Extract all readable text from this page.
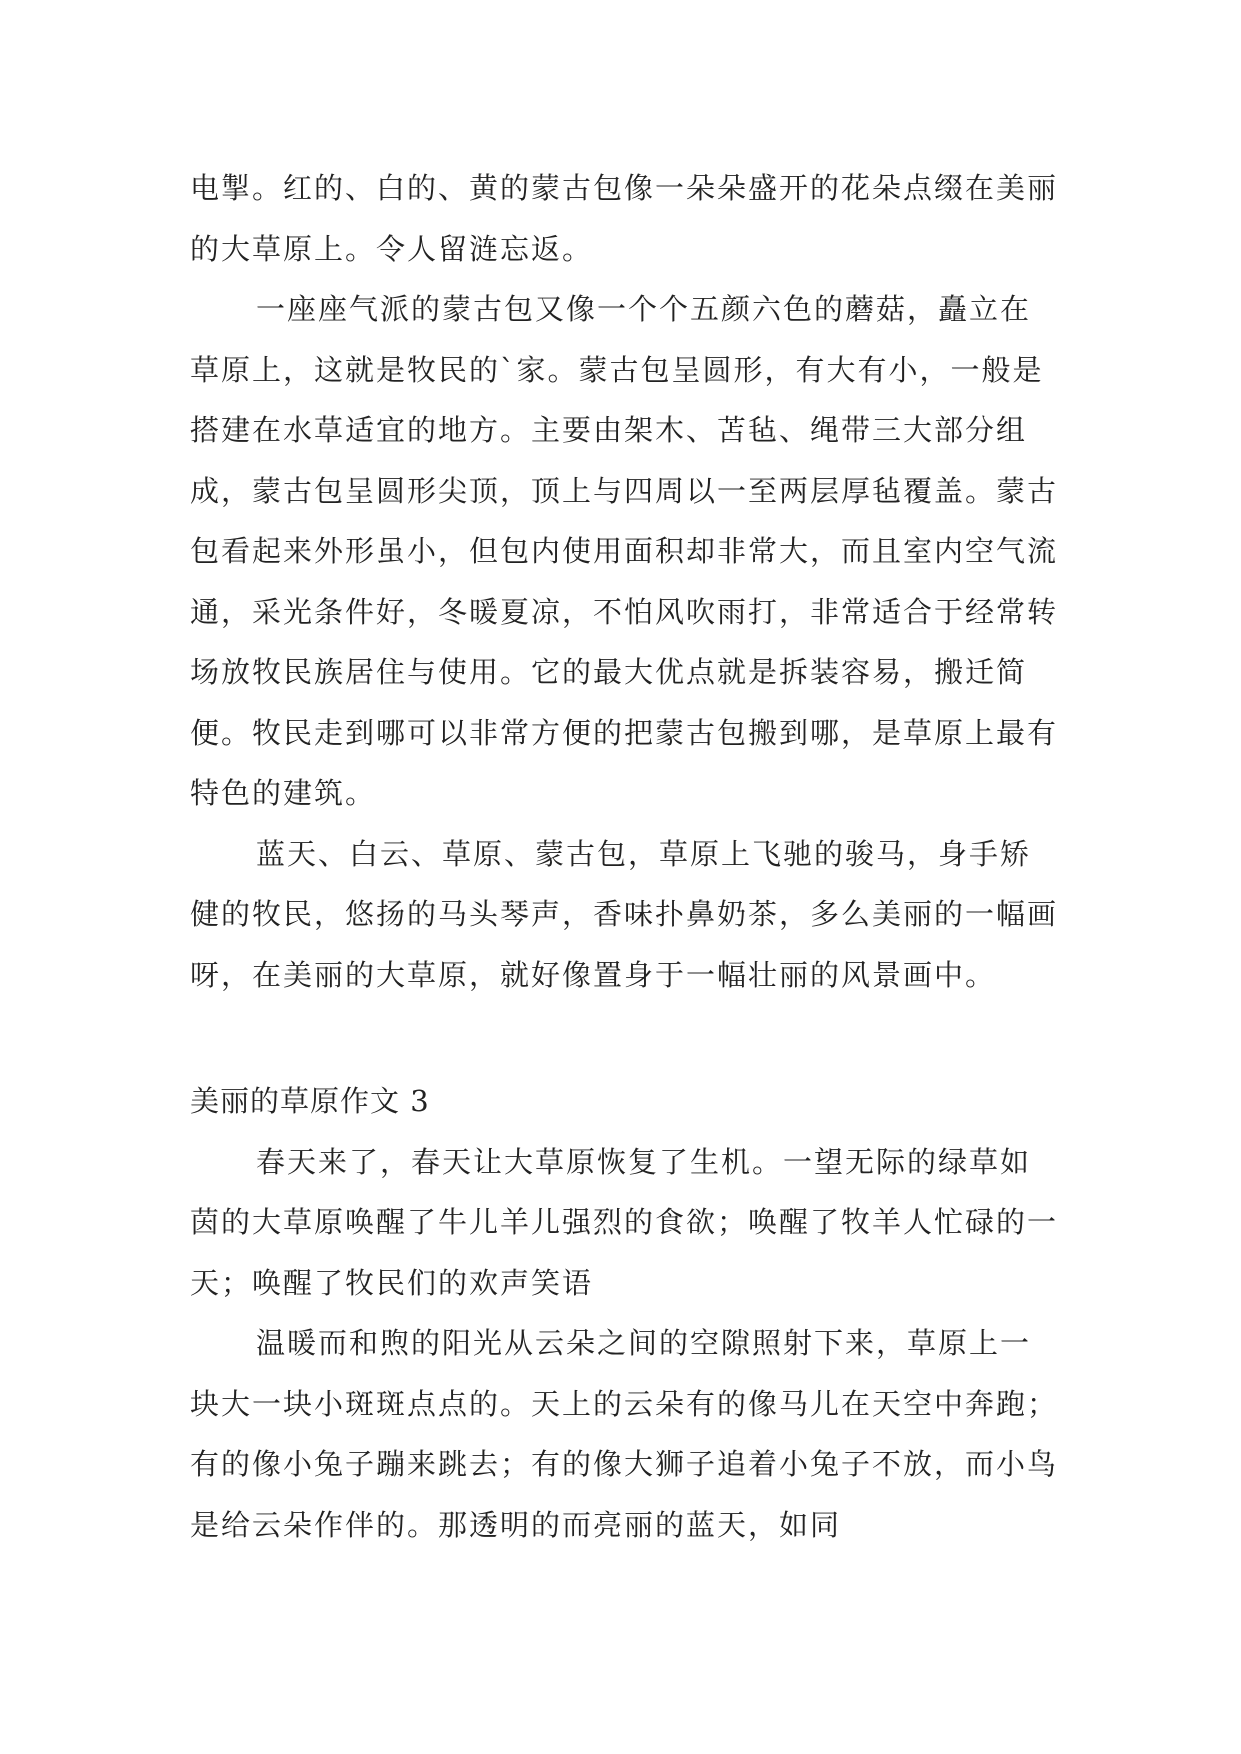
电掣。红的、白的、黄的蒙古包像一朵朵盛开的花朵点缀在美丽的大草原上。令人留涟忘返。

一座座气派的蒙古包又像一个个五颜六色的蘑菇，矗立在草原上，这就是牧民的`家。蒙古包呈圆形，有大有小，一般是搭建在水草适宜的地方。主要由架木、苫毡、绳带三大部分组成，蒙古包呈圆形尖顶，顶上与四周以一至两层厚毡覆盖。蒙古包看起来外形虽小，但包内使用面积却非常大，而且室内空气流通，采光条件好，冬暖夏凉，不怕风吹雨打，非常适合于经常转场放牧民族居住与使用。它的最大优点就是拆装容易，搬迁简便。牧民走到哪可以非常方便的把蒙古包搬到哪，是草原上最有特色的建筑。

蓝天、白云、草原、蒙古包，草原上飞驰的骏马，身手矫健的牧民，悠扬的马头琴声，香味扑鼻奶茶，多么美丽的一幅画呀，在美丽的大草原，就好像置身于一幅壮丽的风景画中。

美丽的草原作文 3

春天来了，春天让大草原恢复了生机。一望无际的绿草如茵的大草原唤醒了牛儿羊儿强烈的食欲；唤醒了牧羊人忙碌的一天；唤醒了牧民们的欢声笑语

温暖而和煦的阳光从云朵之间的空隙照射下来，草原上一块大一块小斑斑点点的。天上的云朵有的像马儿在天空中奔跑；有的像小兔子蹦来跳去；有的像大狮子追着小兔子不放，而小鸟是给云朵作伴的。那透明的而亮丽的蓝天，如同
